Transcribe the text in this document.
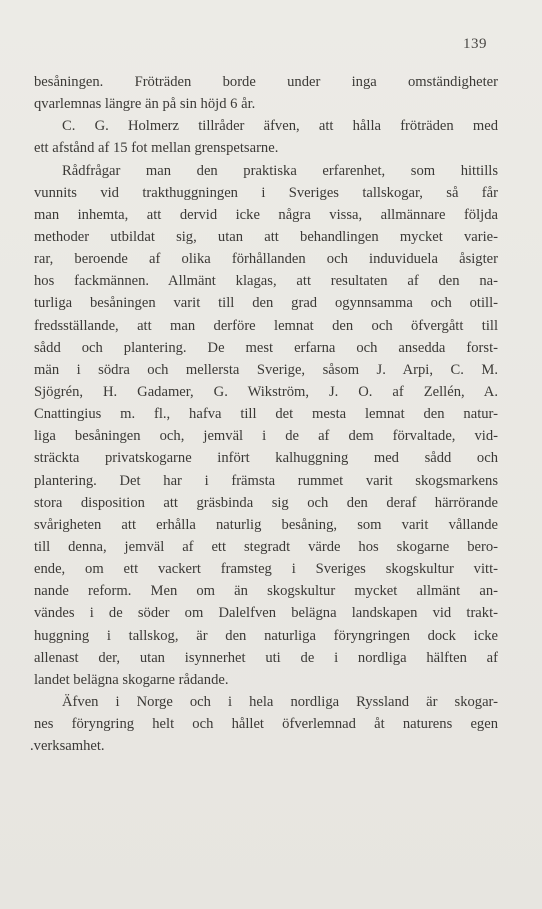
139
besåningen. Fröträden borde under inga omständigheter
qvarlemnas längre än på sin höjd 6 år.
C. G. Holmerz tillråder äfven, att hålla fröträden med
ett afstånd af 15 fot mellan grenspetsarne.
Rådfrågar man den praktiska erfarenhet, som hittills
vunnits vid trakthuggningen i Sveriges tallskogar, så får
man inhemta, att dervid icke några vissa, allmännare följda
methoder utbildat sig, utan att behandlingen mycket varie-
rar, beroende af olika förhållanden och induviduela åsigter
hos fackmännen. Allmänt klagas, att resultaten af den na-
turliga besåningen varit till den grad ogynnsamma och otill-
fredsställande, att man derföre lemnat den och öfvergått till
sådd och plantering. De mest erfarna och ansedda forst-
män i södra och mellersta Sverige, såsom J. Arpi, C. M.
Sjögrén, H. Gadamer, G. Wikström, J. O. af Zellén, A.
Cnattingius m. fl., hafva till det mesta lemnat den natur-
liga besåningen och, jemväl i de af dem förvaltade, vid-
sträckta privatskogarne infört kalhuggning med sådd och
plantering. Det har i främsta rummet varit skogsmarkens
stora disposition att gräsbinda sig och den deraf härrörande
svårigheten att erhålla naturlig besåning, som varit vållande
till denna, jemväl af ett stegradt värde hos skogarne bero-
ende, om ett vackert framsteg i Sveriges skogskultur vitt-
nande reform. Men om än skogskultur mycket allmänt an-
vändes i de söder om Dalelfven belägna landskapen vid trakt-
huggning i tallskog, är den naturliga föryngringen dock icke
allenast der, utan isynnerhet uti de i nordliga hälften af
landet belägna skogarne rådande.
Äfven i Norge och i hela nordliga Ryssland är skogar-
nes föryngring helt och hållet öfverlemnad åt naturens egen
.verksamhet.
